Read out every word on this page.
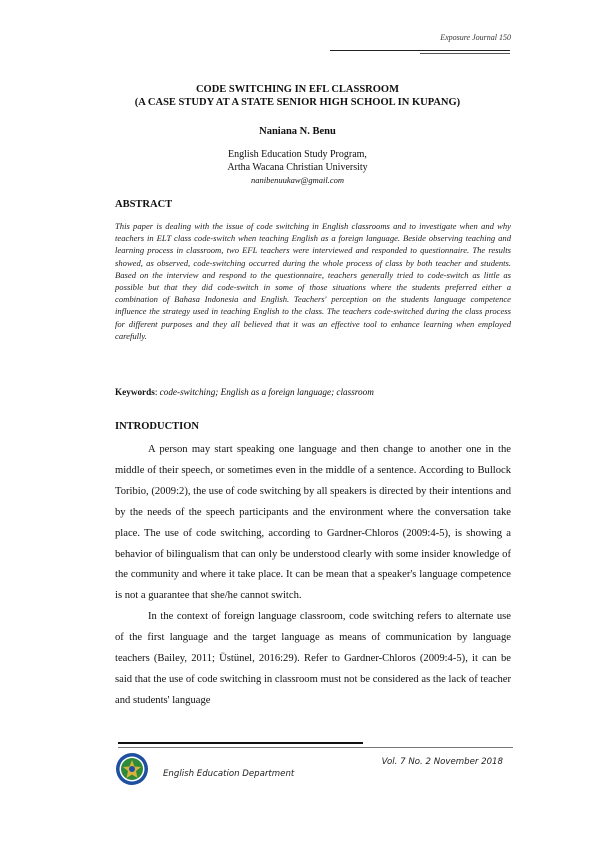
Exposure Journal 150
CODE SWITCHING IN EFL CLASSROOM
(A CASE STUDY AT A STATE SENIOR HIGH SCHOOL IN KUPANG)
Naniana N. Benu
English Education Study Program,
Artha Wacana Christian University
nanibenuukaw@gmail.com
ABSTRACT
This paper is dealing with the issue of code switching in English classrooms and to investigate when and why teachers in ELT class code-switch when teaching English as a foreign language. Beside observing teaching and learning process in classroom, two EFL teachers were interviewed and responded to questionnaire. The results showed, as observed, code-switching occurred during the whole process of class by both teacher and students. Based on the interview and respond to the questionnaire, teachers generally tried to code-switch as little as possible but that they did code-switch in some of those situations where the students preferred either a combination of Bahasa Indonesia and English. Teachers' perception on the students language competence influence the strategy used in teaching English to the class. The teachers code-switched during the class process for different purposes and they all believed that it was an effective tool to enhance learning when employed carefully.
Keywords: code-switching; English as a foreign language; classroom
INTRODUCTION

A person may start speaking one language and then change to another one in the middle of their speech, or sometimes even in the middle of a sentence. According to Bullock Toribio, (2009:2), the use of code switching by all speakers is directed by their intentions and by the needs of the speech participants and the environment where the conversation take place. The use of code switching, according to Gardner-Chloros (2009:4-5), is showing a behavior of bilingualism that can only be understood clearly with some insider knowledge of the community and where it take place. It can be mean that a speaker's language competence is not a guarantee that she/he cannot switch.

In the context of foreign language classroom, code switching refers to alternate use of the first language and the target language as means of communication by language teachers (Bailey, 2011; Üstünel, 2016:29). Refer to Gardner-Chloros (2009:4-5), it can be said that the use of code switching in classroom must not be considered as the lack of teacher and students' language

English Education Department
Vol. 7 No. 2 November 2018
